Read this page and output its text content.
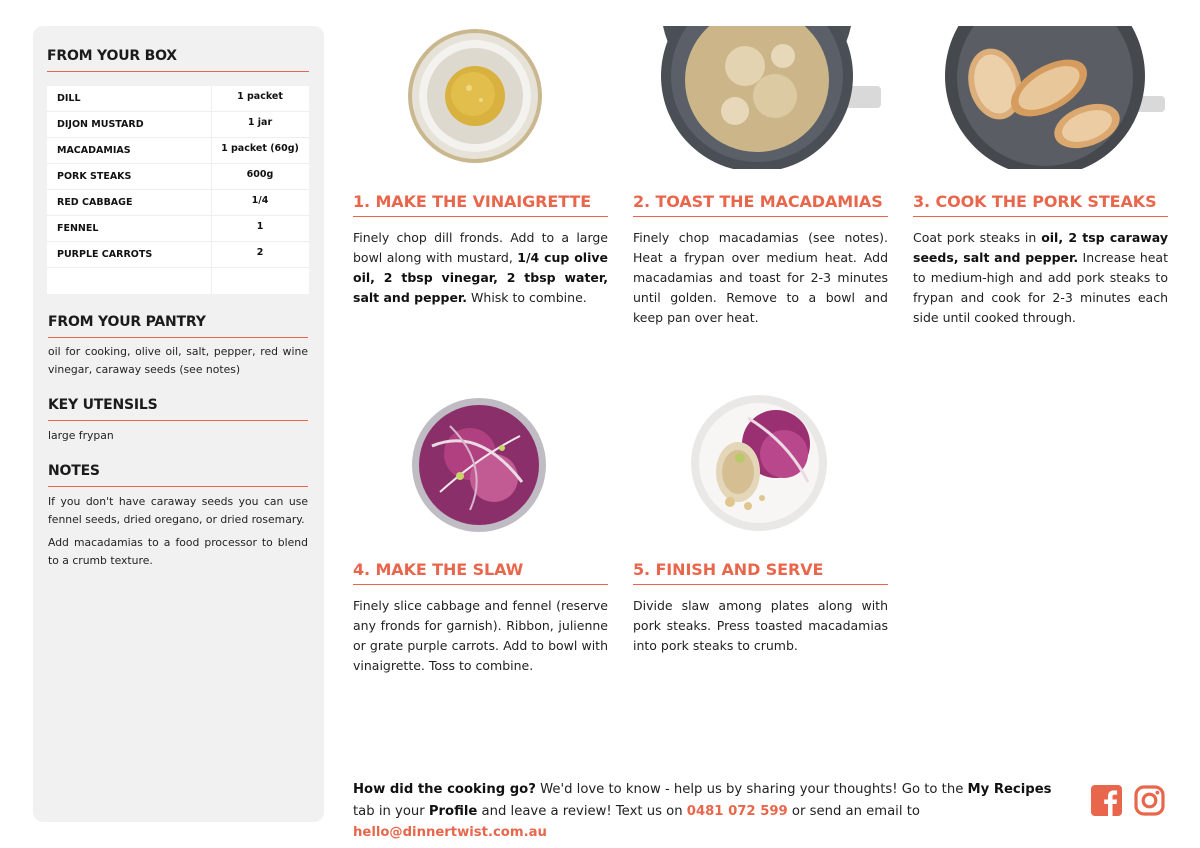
FROM YOUR BOX
DILL	1 packet
DIJON MUSTARD	1 jar
MACADAMIAS	1 packet (60g)
PORK STEAKS	600g
RED CABBAGE	1/4
FENNEL	1
PURPLE CARROTS	2
FROM YOUR PANTRY
oil for cooking, olive oil, salt, pepper, red wine vinegar, caraway seeds (see notes)
KEY UTENSILS
large frypan
NOTES
If you don't have caraway seeds you can use fennel seeds, dried oregano, or dried rosemary.
Add macadamias to a food processor to blend to a crumb texture.
1. MAKE THE VINAIGRETTE
Finely chop dill fronds. Add to a large bowl along with mustard, 1/4 cup olive oil, 2 tbsp vinegar, 2 tbsp water, salt and pepper. Whisk to combine.
2. TOAST THE MACADAMIAS
Finely chop macadamias (see notes). Heat a frypan over medium heat. Add macadamias and toast for 2-3 minutes until golden. Remove to a bowl and keep pan over heat.
3. COOK THE PORK STEAKS
Coat pork steaks in oil, 2 tsp caraway seeds, salt and pepper. Increase heat to medium-high and add pork steaks to frypan and cook for 2-3 minutes each side until cooked through.
4. MAKE THE SLAW
Finely slice cabbage and fennel (reserve any fronds for garnish). Ribbon, julienne or grate purple carrots. Add to bowl with vinaigrette. Toss to combine.
5. FINISH AND SERVE
Divide slaw among plates along with pork steaks. Press toasted macadamias into pork steaks to crumb.
How did the cooking go? We'd love to know - help us by sharing your thoughts! Go to the My Recipes tab in your Profile and leave a review! Text us on 0481 072 599 or send an email to hello@dinnertwist.com.au
